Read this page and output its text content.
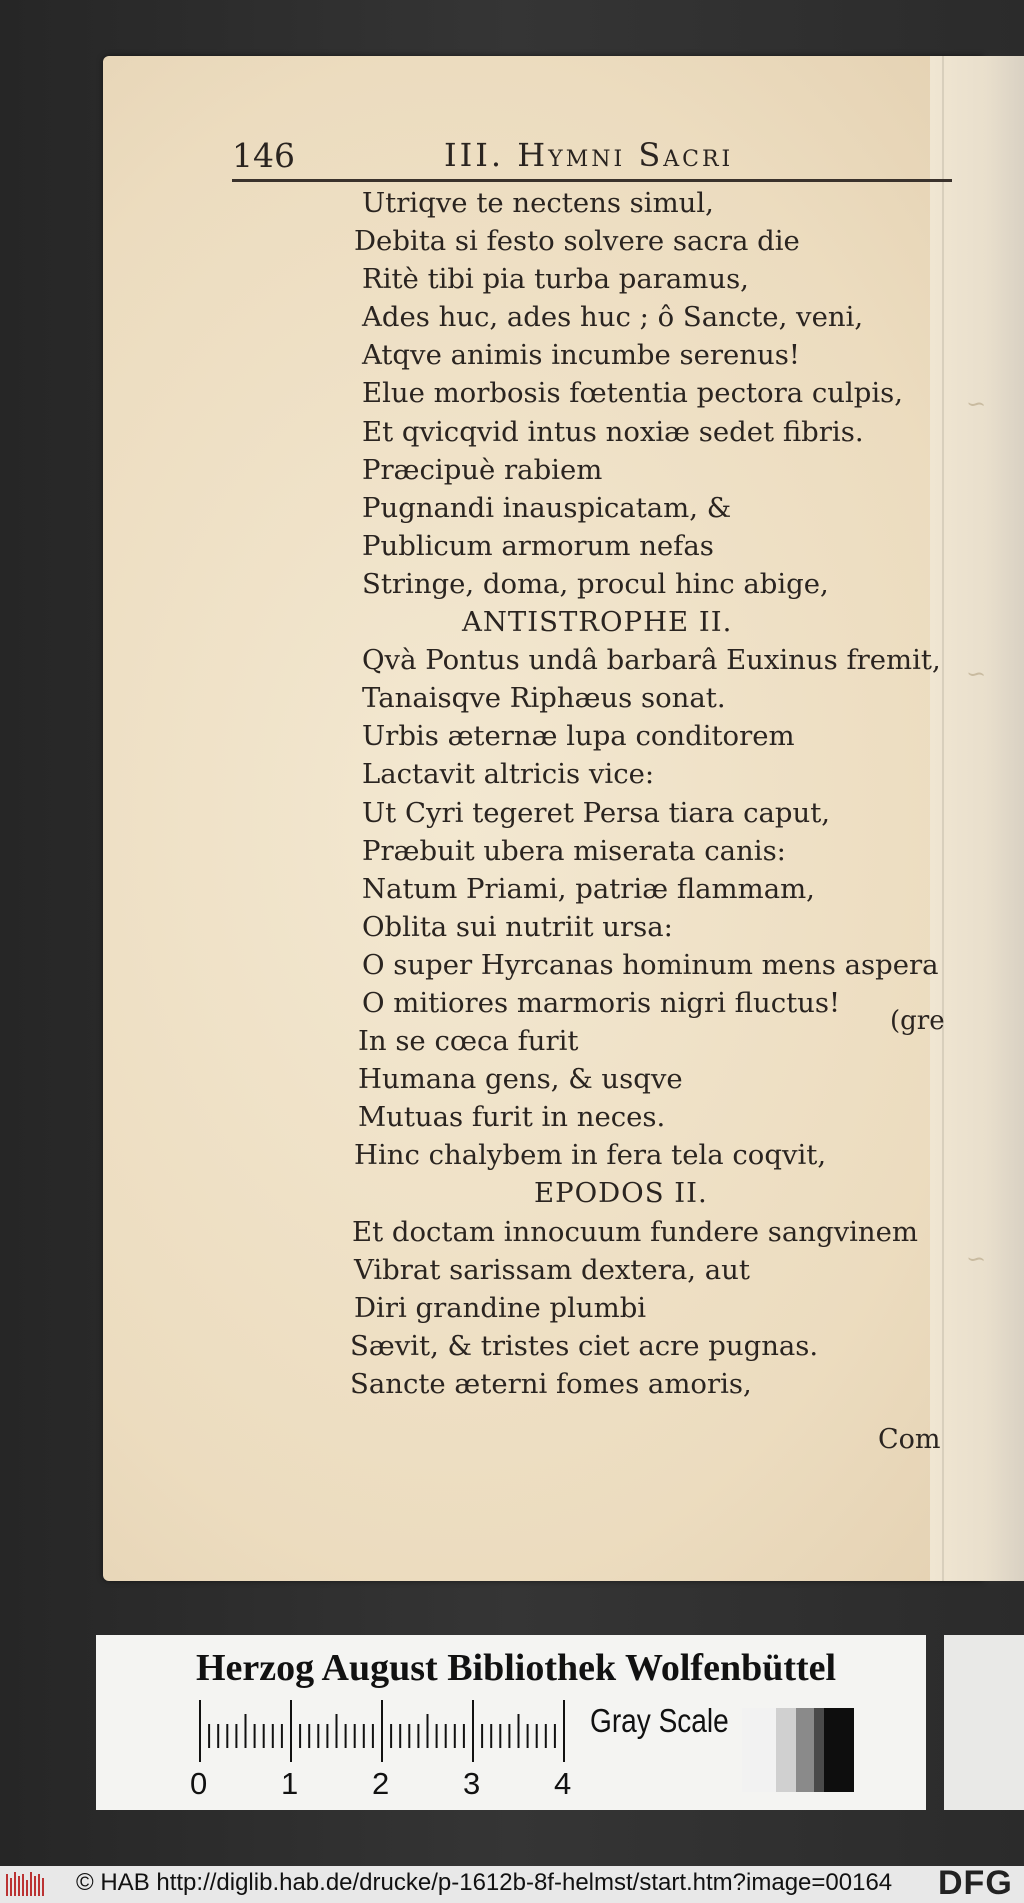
~
~
~
146	III. Hymni Sacri
Utriqve te nectens simul,
Debita si festo solvere sacra die
Ritè tibi pia turba paramus,
Ades huc, ades huc ; ô Sancte, veni,
Atqve animis incumbe serenus!
Elue morbosis fœtentia pectora culpis,
Et qvicqvid intus noxiæ sedet fibris.
Præcipuè rabiem
Pugnandi inauspicatam, &
Publicum armorum nefas
Stringe, doma, procul hinc abige,
ANTISTROPHE II.
Qvà Pontus undâ barbarâ Euxinus fremit,
Tanaisqve Riphæus sonat.
Urbis æternæ lupa conditorem
Lactavit altricis vice:
Ut Cyri tegeret Persa tiara caput,
Præbuit ubera miserata canis:
Natum Priami, patriæ flammam,
Oblita sui nutriit ursa:
O super Hyrcanas hominum mens aspera
O mitiores marmoris nigri fluctus!
In se cœca furit
Humana gens, & usqve
Mutuas furit in neces.
Hinc chalybem in fera tela coqvit,
EPODOS II.
Et doctam innocuum fundere sangvinem
Vibrat sarissam dextera, aut
Diri grandine plumbi
Sævit, & tristes ciet acre pugnas.
Sancte æterni fomes amoris,
(gre
Com
Herzog August Bibliothek Wolfenbüttel
0 1 2 3 4
Gray Scale
© HAB http://diglib.hab.de/drucke/p-1612b-8f-helmst/start.htm?image=00164 DFG
